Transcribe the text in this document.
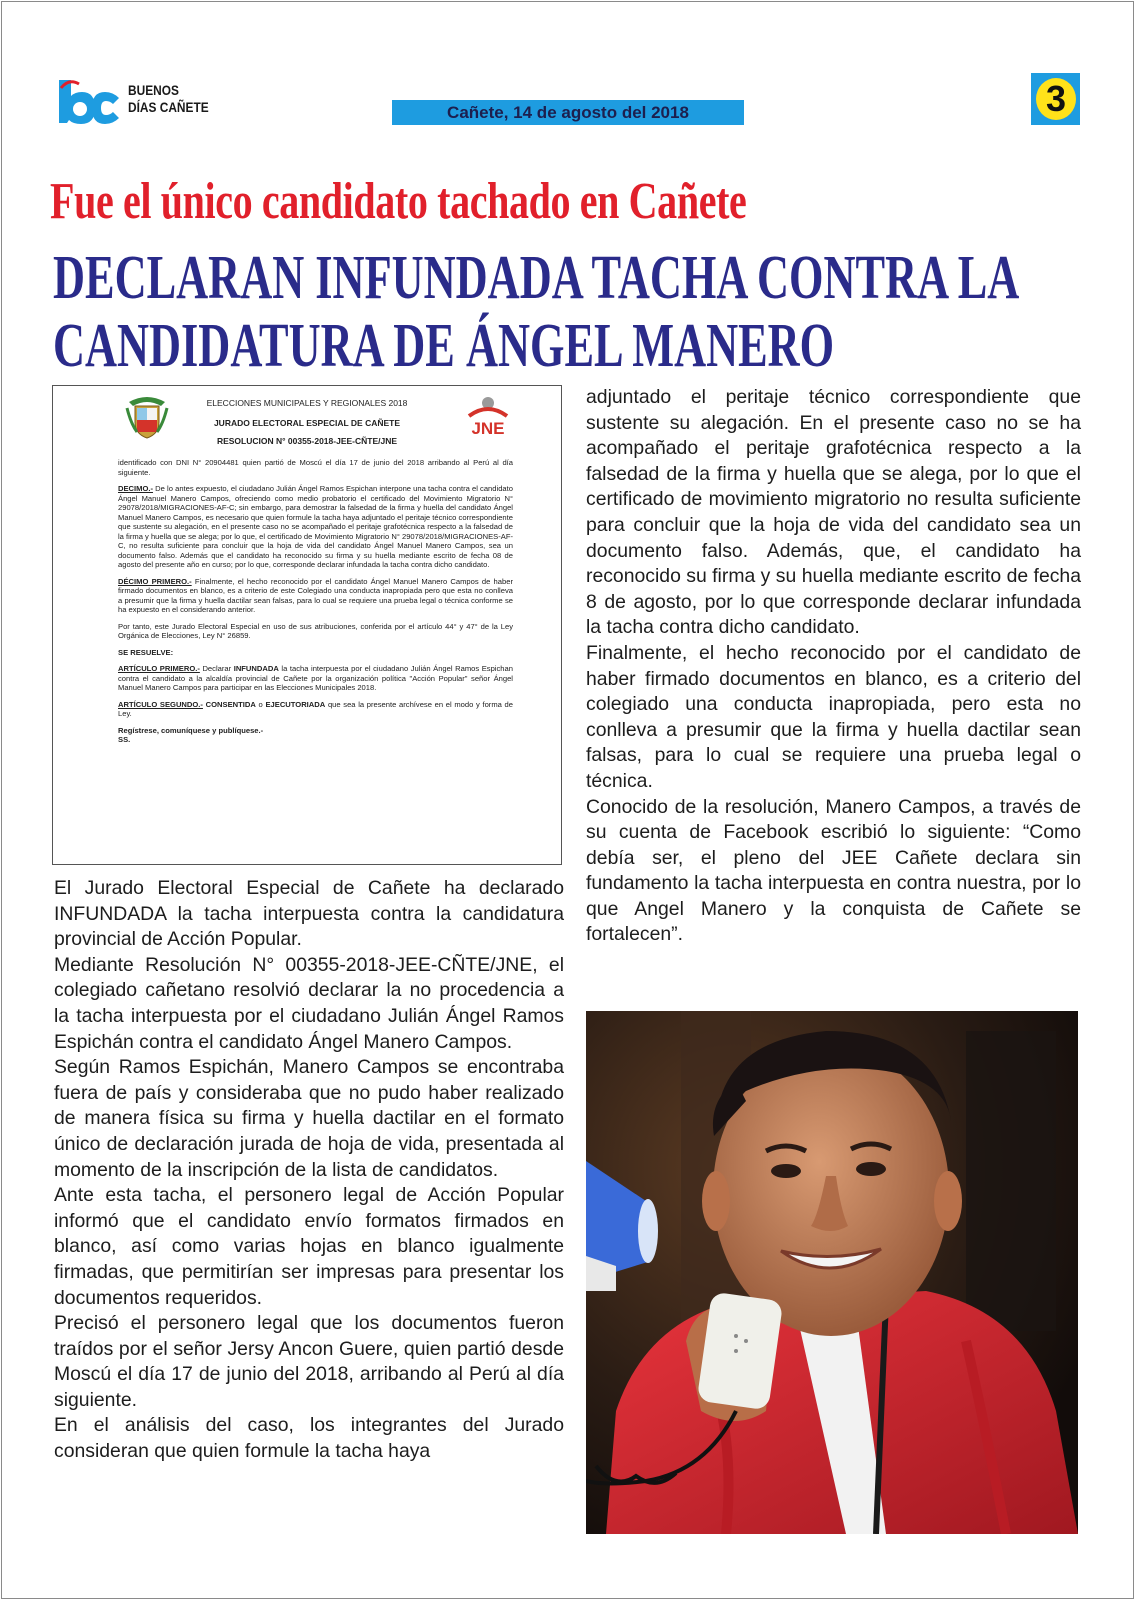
BUENOS
DÍAS CAÑETE	Cañete, 14 de agosto del 2018	3
Fue el único candidato tachado en Cañete
DECLARAN INFUNDADA TACHA CONTRA LA CANDIDATURA DE ÁNGEL MANERO
JNE
ELECCIONES MUNICIPALES Y REGIONALES 2018
JURADO ELECTORAL ESPECIAL DE CAÑETE
RESOLUCION N° 00355-2018-JEE-CÑTE/JNE

identificado con DNI N° 20904481 quien partió de Moscú el día 17 de junio del 2018 arribando al Perú al día siguiente.

DECIMO.- De lo antes expuesto, el ciudadano Julián Ángel Ramos Espichan interpone una tacha contra el candidato Ángel Manuel Manero Campos, ofreciendo como medio probatorio el certificado del Movimiento Migratorio N° 29078/2018/MIGRACIONES-AF-C; sin embargo, para demostrar la falsedad de la firma y huella del candidato Ángel Manuel Manero Campos, es necesario que quien formule la tacha haya adjuntado el peritaje técnico correspondiente que sustente su alegación, en el presente caso no se acompañado el peritaje grafotécnica respecto a la falsedad de la firma y huella que se alega; por lo que, el certificado de Movimiento Migratorio N° 29078/2018/MIGRACIONES-AF-C, no resulta suficiente para concluir que la hoja de vida del candidato Ángel Manuel Manero Campos, sea un documento falso. Además que el candidato ha reconocido su firma y su huella mediante escrito de fecha 08 de agosto del presente año en curso; por lo que, corresponde declarar infundada la tacha contra dicho candidato.

DÉCIMO PRIMERO.- Finalmente, el hecho reconocido por el candidato Ángel Manuel Manero Campos de haber firmado documentos en blanco, es a criterio de este Colegiado una conducta inapropiada pero que esta no conlleva a presumir que la firma y huella dactilar sean falsas, para lo cual se requiere una prueba legal o técnica conforme se ha expuesto en el considerando anterior.

Por tanto, este Jurado Electoral Especial en uso de sus atribuciones, conferida por el artículo 44° y 47° de la Ley Orgánica de Elecciones, Ley N° 26859.

SE RESUELVE:

ARTÍCULO PRIMERO.- Declarar INFUNDADA la tacha interpuesta por el ciudadano Julián Ángel Ramos Espichan contra el candidato a la alcaldía provincial de Cañete por la organización política "Acción Popular" señor Ángel Manuel Manero Campos para participar en las Elecciones Municipales 2018.

ARTÍCULO SEGUNDO.- CONSENTIDA o EJECUTORIADA que sea la presente archívese en el modo y forma de Ley.

Regístrese, comuníquese y publíquese.-

SS.

El Jurado Electoral Especial de Cañete ha declarado INFUNDADA la tacha interpuesta contra la candidatura provincial de Acción Popular.

Mediante Resolución N° 00355-2018-JEE-CÑTE/JNE, el colegiado cañetano resolvió declarar la no procedencia a la tacha interpuesta por el ciudadano Julián Ángel Ramos Espichán contra el candidato Ángel Manero Campos.

Según Ramos Espichán, Manero Campos se encontraba fuera de país y consideraba que no pudo haber realizado de manera física su firma y huella dactilar en el formato único de declaración jurada de hoja de vida, presentada al momento de la inscripción de la lista de candidatos.

Ante esta tacha, el personero legal de Acción Popular informó que el candidato envío formatos firmados en blanco, así como varias hojas en blanco igualmente firmadas, que permitirían ser impresas para presentar los documentos requeridos.

Precisó el personero legal que los documentos fueron traídos por el señor Jersy Ancon Guere, quien partió desde Moscú el día 17 de junio del 2018, arribando al Perú al día siguiente.

En el análisis del caso, los integrantes del Jurado consideran que quien formule la tacha haya

adjuntado el peritaje técnico correspondiente que sustente su alegación. En el presente caso no se ha acompañado el peritaje grafotécnica respecto a la falsedad de la firma y huella que se alega, por lo que el certificado de movimiento migratorio no resulta suficiente para concluir que la hoja de vida del candidato sea un documento falso. Además, que, el candidato ha reconocido su firma y su huella mediante escrito de fecha 8 de agosto, por lo que corresponde declarar infundada la tacha contra dicho candidato.

Finalmente, el hecho reconocido por el candidato de haber firmado documentos en blanco, es a criterio del colegiado una conducta inapropiada, pero esta no conlleva a presumir que la firma y huella dactilar sean falsas, para lo cual se requiere una prueba legal o técnica.

Conocido de la resolución, Manero Campos, a través de su cuenta de Facebook escribió lo siguiente: “Como debía ser, el pleno del JEE Cañete declara sin fundamento la tacha interpuesta en contra nuestra, por lo que Angel Manero y la conquista de Cañete se fortalecen”.
